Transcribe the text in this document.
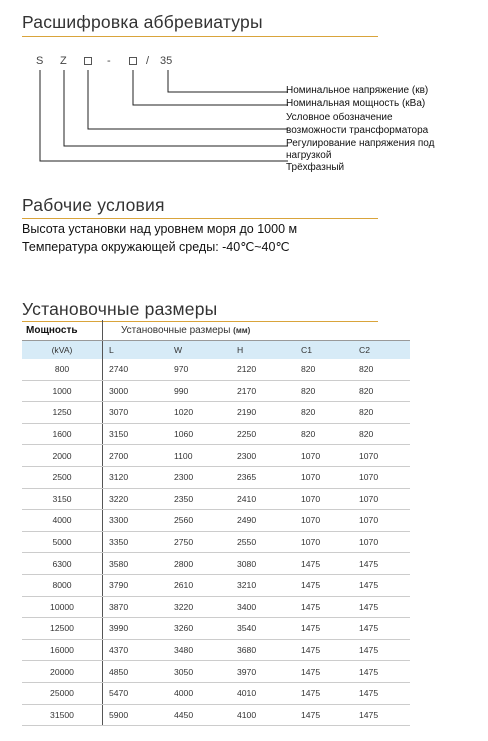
Расшифровка аббревиатуры
S Z	-	/ 35
Номинальное напряжение (кв)
Номинальная мощность (кВа)
Условное обозначение
возможности трансформатора
Регулирование напряжения под
нагрузкой
Трёхфазный
Рабочие условия
Высота установки над уровнем моря до 1000 м
Температура окружающей среды: -40℃~40℃
Установочные размеры
Мощность	Установочные размеры (мм)				
(kVA)	L	W	H	C1	C2
800	2740	970	2120	820	820
1000	3000	990	2170	820	820
1250	3070	1020	2190	820	820
1600	3150	1060	2250	820	820
2000	2700	1100	2300	1070	1070
2500	3120	2300	2365	1070	1070
3150	3220	2350	2410	1070	1070
4000	3300	2560	2490	1070	1070
5000	3350	2750	2550	1070	1070
6300	3580	2800	3080	1475	1475
8000	3790	2610	3210	1475	1475
10000	3870	3220	3400	1475	1475
12500	3990	3260	3540	1475	1475
16000	4370	3480	3680	1475	1475
20000	4850	3050	3970	1475	1475
25000	5470	4000	4010	1475	1475
31500	5900	4450	4100	1475	1475
